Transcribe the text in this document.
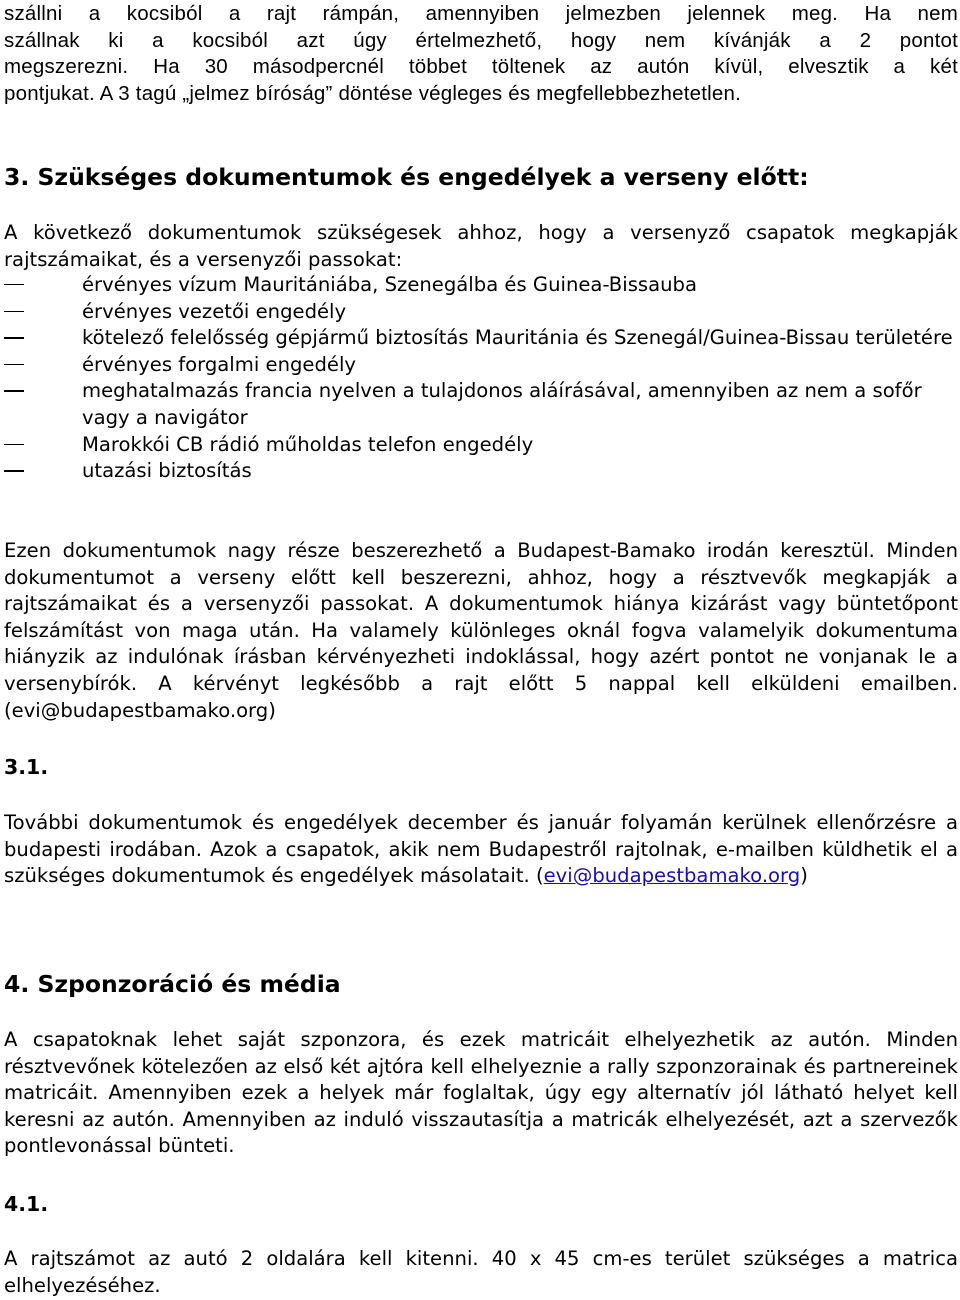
szállni a kocsiból a rajt rámpán, amennyiben jelmezben jelennek meg. Ha nem

szállnak ki a kocsiból azt úgy értelmezhető, hogy nem kívánják a 2 pontot

megszerezni. Ha 30 másodpercnél többet töltenek az autón kívül, elvesztik a két

pontjukat. A 3 tagú „jelmez bíróság” döntése végleges és megfellebbezhetetlen.

3. Szükséges dokumentumok és engedélyek a verseny előtt:

A következő dokumentumok szükségesek ahhoz, hogy a versenyző csapatok megkapják rajtszámaikat, és a versenyzői passokat:

érvényes vízum Mauritániába, Szenegálba és Guinea-Bissauba
érvényes vezetői engedély
kötelező felelősség gépjármű biztosítás Mauritánia és Szenegál/Guinea-Bissau területére
érvényes forgalmi engedély
meghatalmazás francia nyelven a tulajdonos aláírásával, amennyiben az nem a sofőr vagy a navigátor
Marokkói CB rádió műholdas telefon engedély
utazási biztosítás

Ezen dokumentumok nagy része beszerezhető a Budapest-Bamako irodán keresztül. Minden dokumentumot a verseny előtt kell beszerezni, ahhoz, hogy a résztvevők megkapják a rajtszámaikat és a versenyzői passokat. A dokumentumok hiánya kizárást vagy büntetőpont felszámítást von maga után. Ha valamely különleges oknál fogva valamelyik dokumentuma hiányzik az indulónak írásban kérvényezheti indoklással, hogy azért pontot ne vonjanak le a versenybírók. A kérvényt legkésőbb a rajt előtt 5 nappal kell elküldeni emailben. (evi@budapestbamako.org)

3.1.

További dokumentumok és engedélyek december és január folyamán kerülnek ellenőrzésre a budapesti irodában. Azok a csapatok, akik nem Budapestről rajtolnak, e-mailben küldhetik el a szükséges dokumentumok és engedélyek másolatait. (evi@budapestbamako.org)

4. Szponzoráció és média

A csapatoknak lehet saját szponzora, és ezek matricáit elhelyezhetik az autón. Minden résztvevőnek kötelezően az első két ajtóra kell elhelyeznie a rally szponzorainak és partnereinek matricáit. Amennyiben ezek a helyek már foglaltak, úgy egy alternatív jól látható helyet kell keresni az autón. Amennyiben az induló visszautasítja a matricák elhelyezését, azt a szervezők pontlevonással bünteti.

4.1.

A rajtszámot az autó 2 oldalára kell kitenni. 40 x 45 cm-es terület szükséges a matrica elhelyezéséhez.
